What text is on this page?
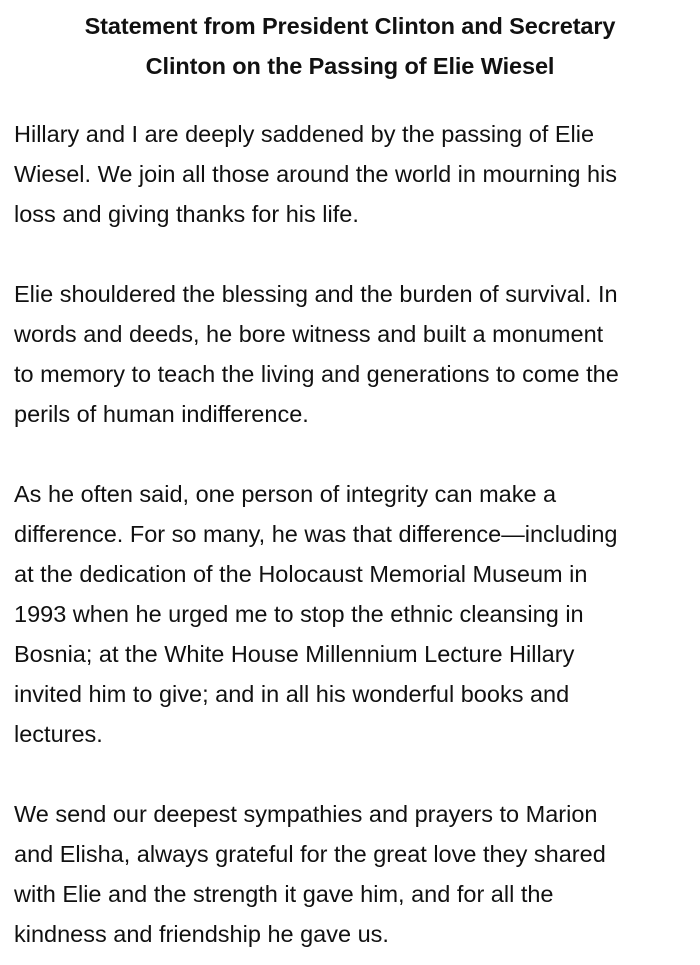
Statement from President Clinton and Secretary
Clinton on the Passing of Elie Wiesel

Hillary and I are deeply saddened by the passing of Elie
Wiesel. We join all those around the world in mourning his
loss and giving thanks for his life.

Elie shouldered the blessing and the burden of survival. In
words and deeds, he bore witness and built a monument
to memory to teach the living and generations to come the
perils of human indifference.

As he often said, one person of integrity can make a
difference. For so many, he was that difference—including
at the dedication of the Holocaust Memorial Museum in
1993 when he urged me to stop the ethnic cleansing in
Bosnia; at the White House Millennium Lecture Hillary
invited him to give; and in all his wonderful books and
lectures.

We send our deepest sympathies and prayers to Marion
and Elisha, always grateful for the great love they shared
with Elie and the strength it gave him, and for all the
kindness and friendship he gave us.
